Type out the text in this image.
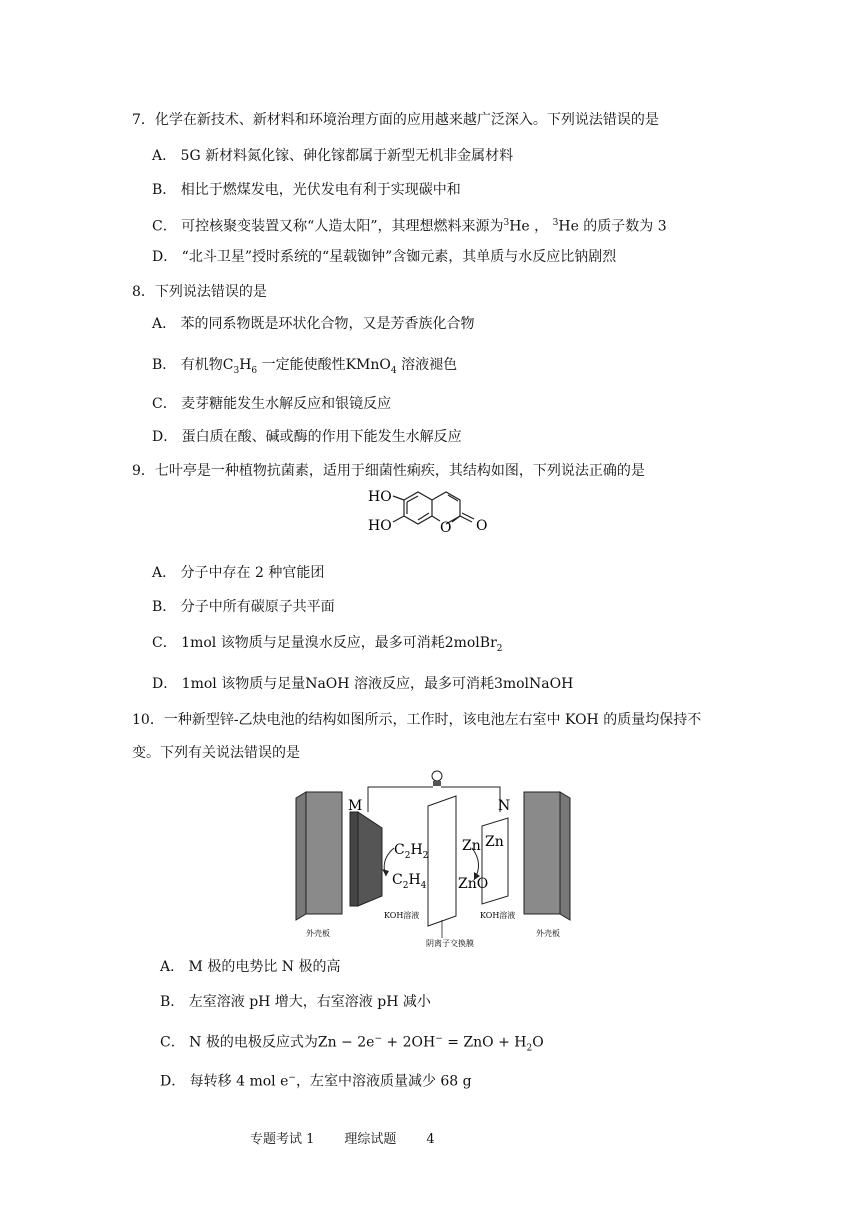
7．化学在新技术、新材料和环境治理方面的应用越来越广泛深入。下列说法错误的是
A． 5G 新材料氮化镓、砷化镓都属于新型无机非金属材料
B． 相比于燃煤发电，光伏发电有利于实现碳中和
C． 可控核聚变装置又称“人造太阳”，其理想燃料来源为$^3$He ， $^3$He 的质子数为 3
D． “北斗卫星”授时系统的“星载铷钟”含铷元素，其单质与水反应比钠剧烈
8．下列说法错误的是
A． 苯的同系物既是环状化合物，又是芳香族化合物
B． 有机物$C_3H_6$ 一定能使酸性KMnO$_4$ 溶液褪色
C． 麦芽糖能发生水解反应和银镜反应
D． 蛋白质在酸、碱或酶的作用下能发生水解反应
9．七叶亭是一种植物抗菌素，适用于细菌性痢疾，其结构如图，下列说法正确的是
HO
HO	O O
A． 分子中存在 2 种官能团
B． 分子中所有碳原子共平面
C． 1mol 该物质与足量溴水反应，最多可消耗2molBr$_2$
D． 1mol 该物质与足量NaOH 溶液反应，最多可消耗3molNaOH
10．一种新型锌-乙炔电池的结构如图所示，工作时，该电池左右室中 KOH 的质量均保持不
变。下列有关说法错误的是
M	N
$C_2H_2$
$C_2H_4$
Zn Zn
ZnO
KOH溶液	KOH溶液
阴离子交换膜
外壳板	外壳板
A． M 极的电势比 N 极的高
B． 左室溶液 pH 增大，右室溶液 pH 减小
C． N 极的电极反应式为Zn − 2e− + 2OH− = ZnO + $H_2O$
D． 每转移 4 mol e−，左室中溶液质量减少 68 g
专题考试 1 理综试题 4
